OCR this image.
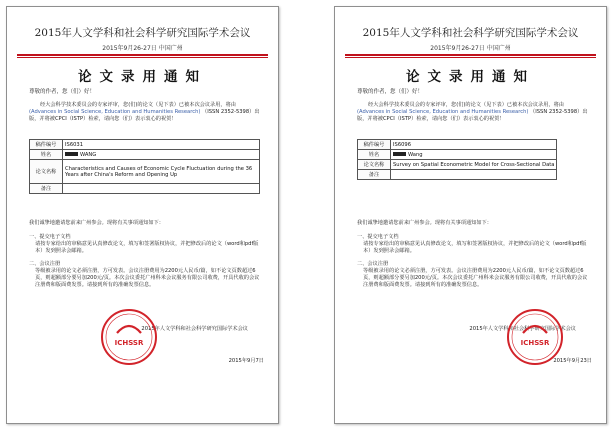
2015年人文学科和社会科学研究国际学术会议
2015年9月26-27日 中国广州
论文录用通知
尊敬的作者，您（们）好！
经大会科学技术委员会的专家评审，您(们)的论文（见下表）已被本次会议录用，将由 (Advances in Social Science, Education and Humanities Research) （ISSN 2352-5398）出版，并将被CPCI（ISTP）检索，请向您（们）表示衷心的祝贺！
稿件编号	IS6031
姓名	WANG
论文名称	Characteristics and Causes of Economic Cycle Fluctuation during the 36 Years after China's Reform and Opening Up
备注	
我们诚挚地邀请您前来广州参会。现将有关事项通知如下：
一、提交电子文档
请按专家给出的审稿意见认真修改论文，填写和签署版权协议，并把修改后的论文（word和pdf版本）发到照录会邮箱。
二、会议注册
等级被录用的论文必须注册，方可发表。会议注册费用为2200元人民币/篇，如不论文页数超过6页，则超额部分要另加200元/页。本次会议委托广州科米会议服务有限公司收费，开具代收的会议注册费和版面费发票。请接到所有的准确发票信息。
2015年人文学科和社会科学研究国际学术会议
ICHSSR
2015年9月7日
2015年人文学科和社会科学研究国际学术会议
2015年9月26-27日 中国广州
论文录用通知
尊敬的作者，您（们）好！
经大会科学技术委员会的专家评审，您(们)的论文（见下表）已被本次会议录用，将由 (Advances in Social Science, Education and Humanities Research) （ISSN 2352-5398）出版，并将被CPCI（ISTP）检索，请向您（们）表示衷心的祝贺！
稿件编号	IS6096
姓名	Wang
论文名称	Survey on Spatial Econometric Model for Cross-Sectional Data
备注	
我们诚挚地邀请您前来广州参会。现将有关事项通知如下：
一、提交电子文档
请按专家给出的审稿意见认真修改论文，填写和签署版权协议，并把修改后的论文（word和pdf版本）发到照录会邮箱。
二、会议注册
等级被录用的论文必须注册，方可发表。会议注册费用为2200元人民币/篇，如不论文页数超过6页，则超额部分要另加200元/页。本次会议委托广州科米会议服务有限公司收费，开具代收的会议注册费和版面费发票。请接到所有的准确发票信息。
2015年人文学科和社会科学研究国际学术会议
ICHSSR
2015年9月23日
